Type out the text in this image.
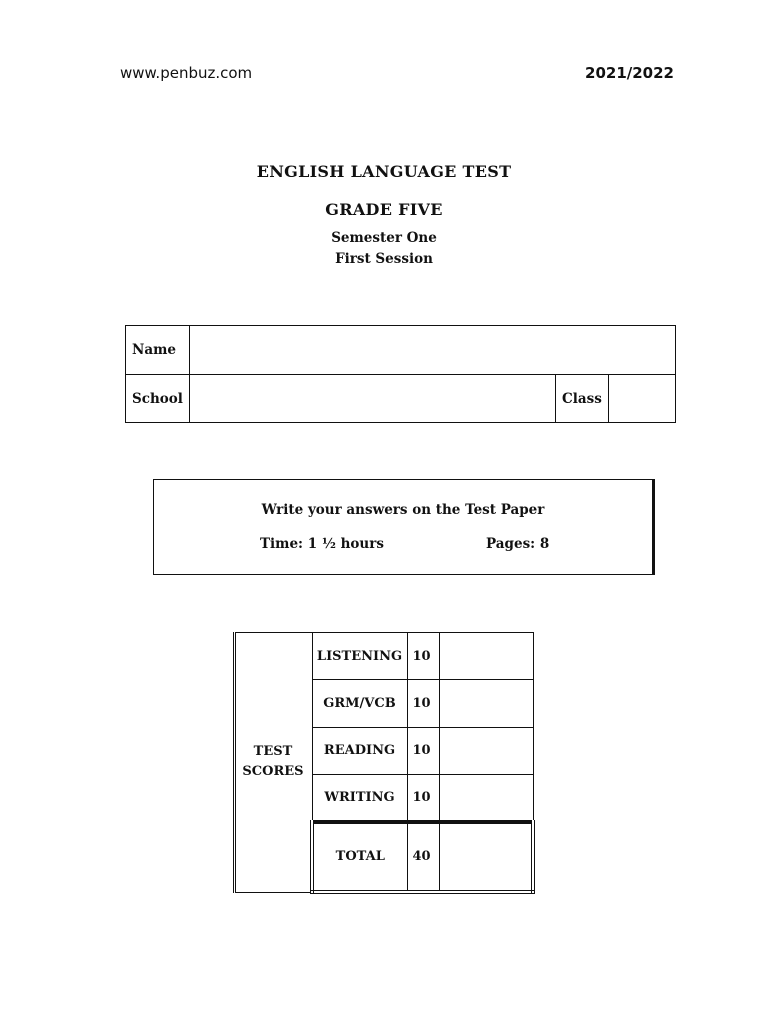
www.penbuz.com	2021/2022
ENGLISH LANGUAGE TEST
GRADE FIVE
Semester One
First Session
Name			
School		Class	
Write your answers on the Test Paper
Time: 1 ½ hours	Pages: 8
TEST
SCORES	LISTENING	10	
	GRM/VCB	10	
	READING	10	
	WRITING	10	
	TOTAL	40	
